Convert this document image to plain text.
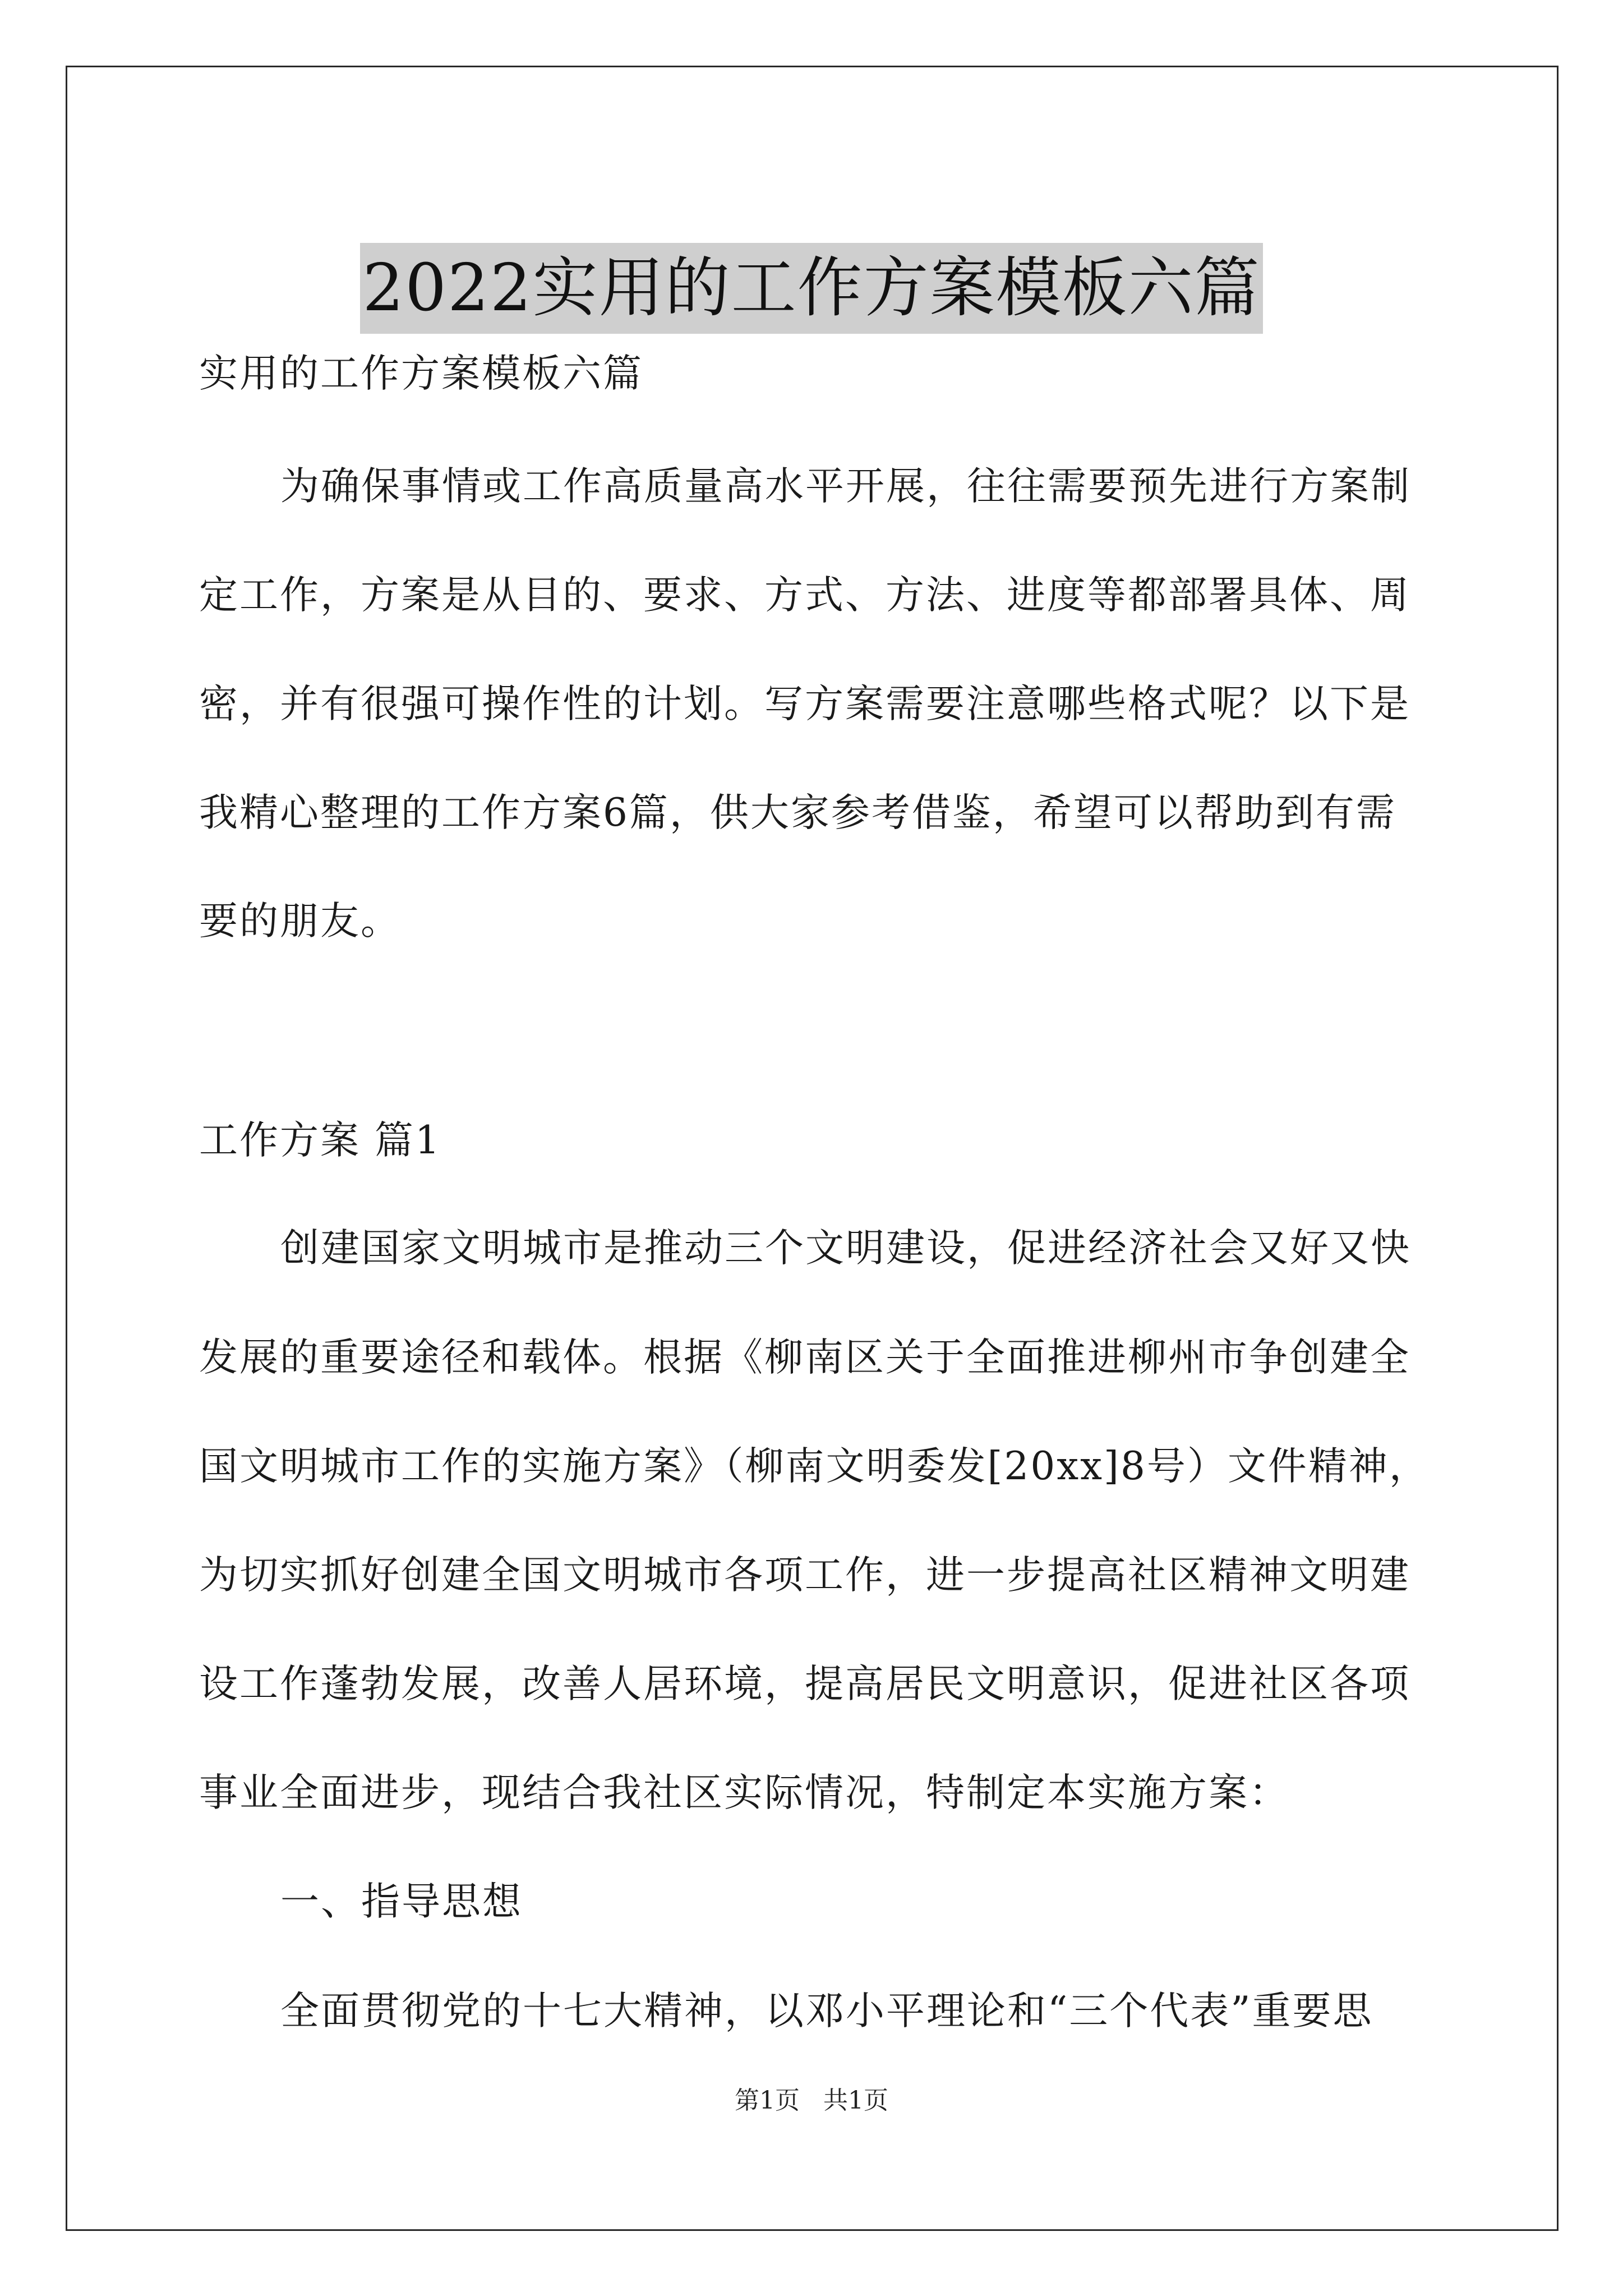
2022实用的工作方案模板六篇
实用的工作方案模板六篇
为确保事情或工作高质量高水平开展，往往需要预先进行方案制
定工作，方案是从目的、要求、方式、方法、进度等都部署具体、周
密，并有很强可操作性的计划。写方案需要注意哪些格式呢？以下是
我精心整理的工作方案6篇，供大家参考借鉴，希望可以帮助到有需
要的朋友。
工作方案 篇1
创建国家文明城市是推动三个文明建设，促进经济社会又好又快
发展的重要途径和载体。根据《柳南区关于全面推进柳州市争创建全
国文明城市工作的实施方案》（柳南文明委发[20xx]8号）文件精神，
为切实抓好创建全国文明城市各项工作，进一步提高社区精神文明建
设工作蓬勃发展，改善人居环境，提高居民文明意识，促进社区各项
事业全面进步，现结合我社区实际情况，特制定本实施方案：
一、指导思想
全面贯彻党的十七大精神，以邓小平理论和“三个代表”重要思
第1页 共1页
